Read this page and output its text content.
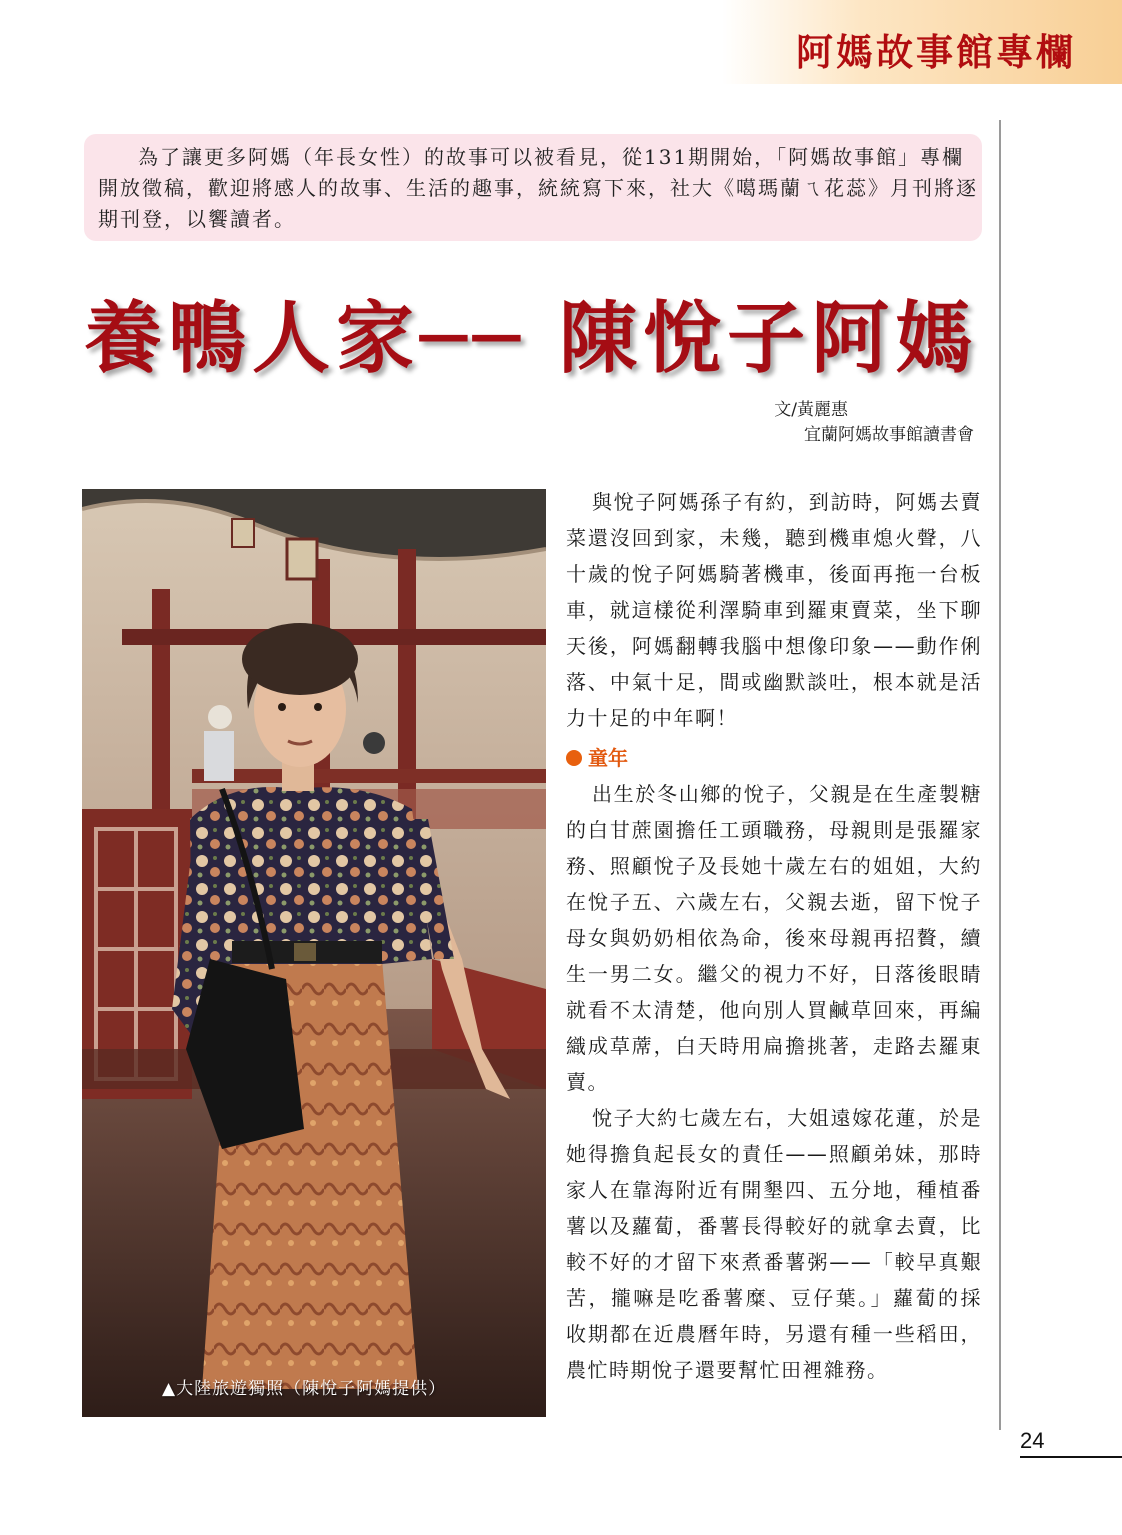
阿媽故事館專欄

為了讓更多阿媽（年長女性）的故事可以被看見，從131期開始，「阿媽故事館」專欄開放徵稿，歡迎將感人的故事、生活的趣事，統統寫下來，社大《噶瑪蘭ㄟ花蕊》月刊將逐期刊登，以饗讀者。

養鴨人家── 陳悅子阿媽
文/黃麗惠
宜蘭阿媽故事館讀書會
▲大陸旅遊獨照（陳悅子阿媽提供）

與悅子阿媽孫子有約，到訪時，阿媽去賣菜還沒回到家，未幾，聽到機車熄火聲，八十歲的悅子阿媽騎著機車，後面再拖一台板車，就這樣從利澤騎車到羅東賣菜，坐下聊天後，阿媽翻轉我腦中想像印象——動作俐落、中氣十足，間或幽默談吐，根本就是活力十足的中年啊！

童年

出生於冬山鄉的悅子，父親是在生產製糖的白甘蔗園擔任工頭職務，母親則是張羅家務、照顧悅子及長她十歲左右的姐姐，大約在悅子五、六歲左右，父親去逝，留下悅子母女與奶奶相依為命，後來母親再招贅，續生一男二女。繼父的視力不好，日落後眼睛就看不太清楚，他向別人買鹹草回來，再編織成草蓆，白天時用扁擔挑著，走路去羅東賣。

悅子大約七歲左右，大姐遠嫁花蓮，於是她得擔負起長女的責任——照顧弟妹，那時家人在靠海附近有開墾四、五分地，種植番薯以及蘿蔔，番薯長得較好的就拿去賣，比較不好的才留下來煮番薯粥——「較早真艱苦，攏嘛是吃番薯糜、豆仔葉。」蘿蔔的採收期都在近農曆年時，另還有種一些稻田，農忙時期悅子還要幫忙田裡雜務。

24
